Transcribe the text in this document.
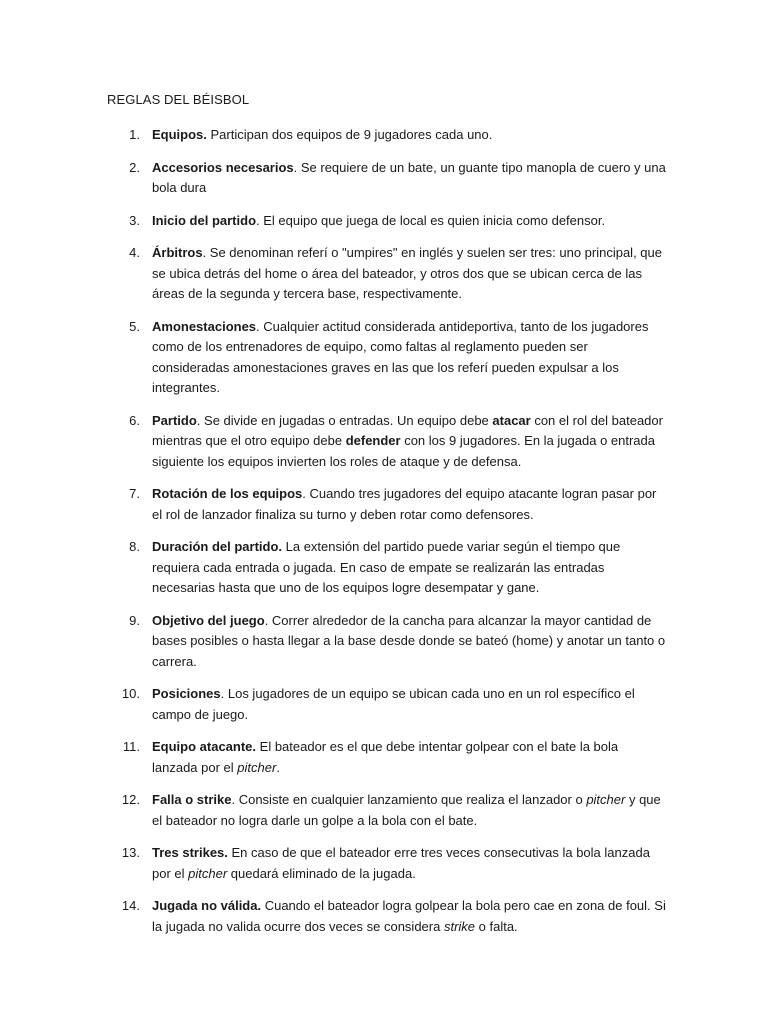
REGLAS DEL BÉISBOL
1. Equipos. Participan dos equipos de 9 jugadores cada uno.
2. Accesorios necesarios. Se requiere de un bate, un guante tipo manopla de cuero y una bola dura
3. Inicio del partido. El equipo que juega de local es quien inicia como defensor.
4. Árbitros. Se denominan referí o "umpires" en inglés y suelen ser tres: uno principal, que se ubica detrás del home o área del bateador, y otros dos que se ubican cerca de las áreas de la segunda y tercera base, respectivamente.
5. Amonestaciones. Cualquier actitud considerada antideportiva, tanto de los jugadores como de los entrenadores de equipo, como faltas al reglamento pueden ser consideradas amonestaciones graves en las que los referí pueden expulsar a los integrantes.
6. Partido. Se divide en jugadas o entradas. Un equipo debe atacar con el rol del bateador mientras que el otro equipo debe defender con los 9 jugadores. En la jugada o entrada siguiente los equipos invierten los roles de ataque y de defensa.
7. Rotación de los equipos. Cuando tres jugadores del equipo atacante logran pasar por el rol de lanzador finaliza su turno y deben rotar como defensores.
8. Duración del partido. La extensión del partido puede variar según el tiempo que requiera cada entrada o jugada. En caso de empate se realizarán las entradas necesarias hasta que uno de los equipos logre desempatar y gane.
9. Objetivo del juego. Correr alrededor de la cancha para alcanzar la mayor cantidad de bases posibles o hasta llegar a la base desde donde se bateó (home) y anotar un tanto o carrera.
10. Posiciones. Los jugadores de un equipo se ubican cada uno en un rol específico el campo de juego.
11. Equipo atacante. El bateador es el que debe intentar golpear con el bate la bola lanzada por el pitcher.
12. Falla o strike. Consiste en cualquier lanzamiento que realiza el lanzador o pitcher y que el bateador no logra darle un golpe a la bola con el bate.
13. Tres strikes. En caso de que el bateador erre tres veces consecutivas la bola lanzada por el pitcher quedará eliminado de la jugada.
14. Jugada no válida. Cuando el bateador logra golpear la bola pero cae en zona de foul. Si la jugada no valida ocurre dos veces se considera strike o falta.
